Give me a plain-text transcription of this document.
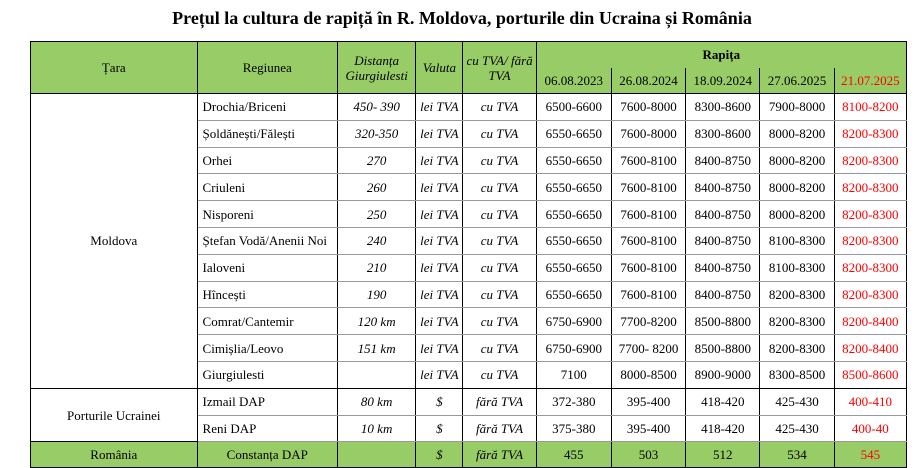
Prețul la cultura de rapiță în R. Moldova, porturile din Ucraina și România
Țara	Regiunea	Distanța Giurgiulesti	Valuta	cu TVA/ fără TVA	Rapița				
					06.08.2023	26.08.2024	18.09.2024	27.06.2025	21.07.2025
Moldova	Drochia/Briceni	450- 390	lei TVA	cu TVA	6500-6600	7600-8000	8300-8600	7900-8000	8100-8200
	Șoldănești/Fălești	320-350	lei TVA	cu TVA	6550-6650	7600-8000	8300-8600	8000-8200	8200-8300
	Orhei	270	lei TVA	cu TVA	6550-6650	7600-8100	8400-8750	8000-8200	8200-8300
	Criuleni	260	lei TVA	cu TVA	6550-6650	7600-8100	8400-8750	8000-8200	8200-8300
	Nisporeni	250	lei TVA	cu TVA	6550-6650	7600-8100	8400-8750	8000-8200	8200-8300
	Ștefan Vodă/Anenii Noi	240	lei TVA	cu TVA	6550-6650	7600-8100	8400-8750	8100-8300	8200-8300
	Ialoveni	210	lei TVA	cu TVA	6550-6650	7600-8100	8400-8750	8100-8300	8200-8300
	Hîncești	190	lei TVA	cu TVA	6550-6650	7600-8100	8400-8750	8200-8300	8200-8300
	Comrat/Cantemir	120 km	lei TVA	cu TVA	6750-6900	7700-8200	8500-8800	8200-8300	8200-8400
	Cimișlia/Leovo	151 km	lei TVA	cu TVA	6750-6900	7700- 8200	8500-8800	8200-8300	8200-8400
	Giurgiulesti		lei TVA	cu TVA	7100	8000-8500	8900-9000	8300-8500	8500-8600
Porturile Ucrainei	Izmail DAP	80 km	$	fără TVA	372-380	395-400	418-420	425-430	400-410
	Reni DAP	10 km	$	fără TVA	375-380	395-400	418-420	425-430	400-40
România	Constanța DAP		$	fără TVA	455	503	512	534	545
